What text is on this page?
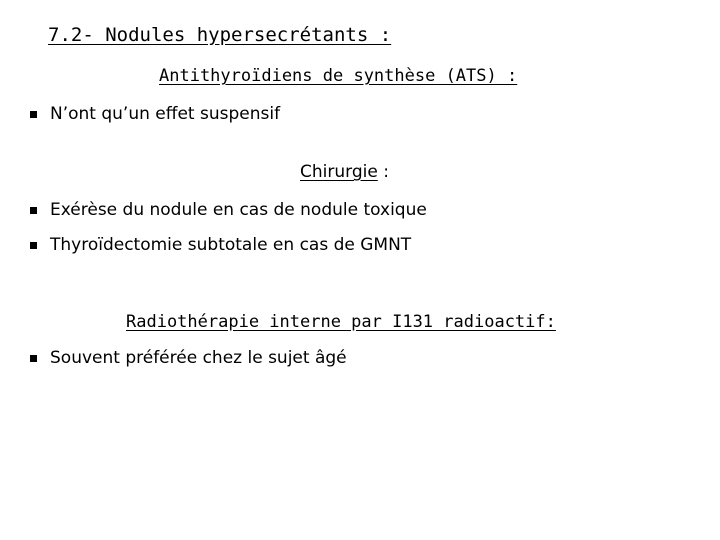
7.2- Nodules hypersecrétants :
Antithyroïdiens de synthèse (ATS) :
N’ont qu’un effet suspensif
Chirurgie :
Exérèse du nodule en cas de nodule toxique
Thyroïdectomie subtotale en cas de GMNT
Radiothérapie interne par I131 radioactif:
Souvent préférée chez le sujet âgé
